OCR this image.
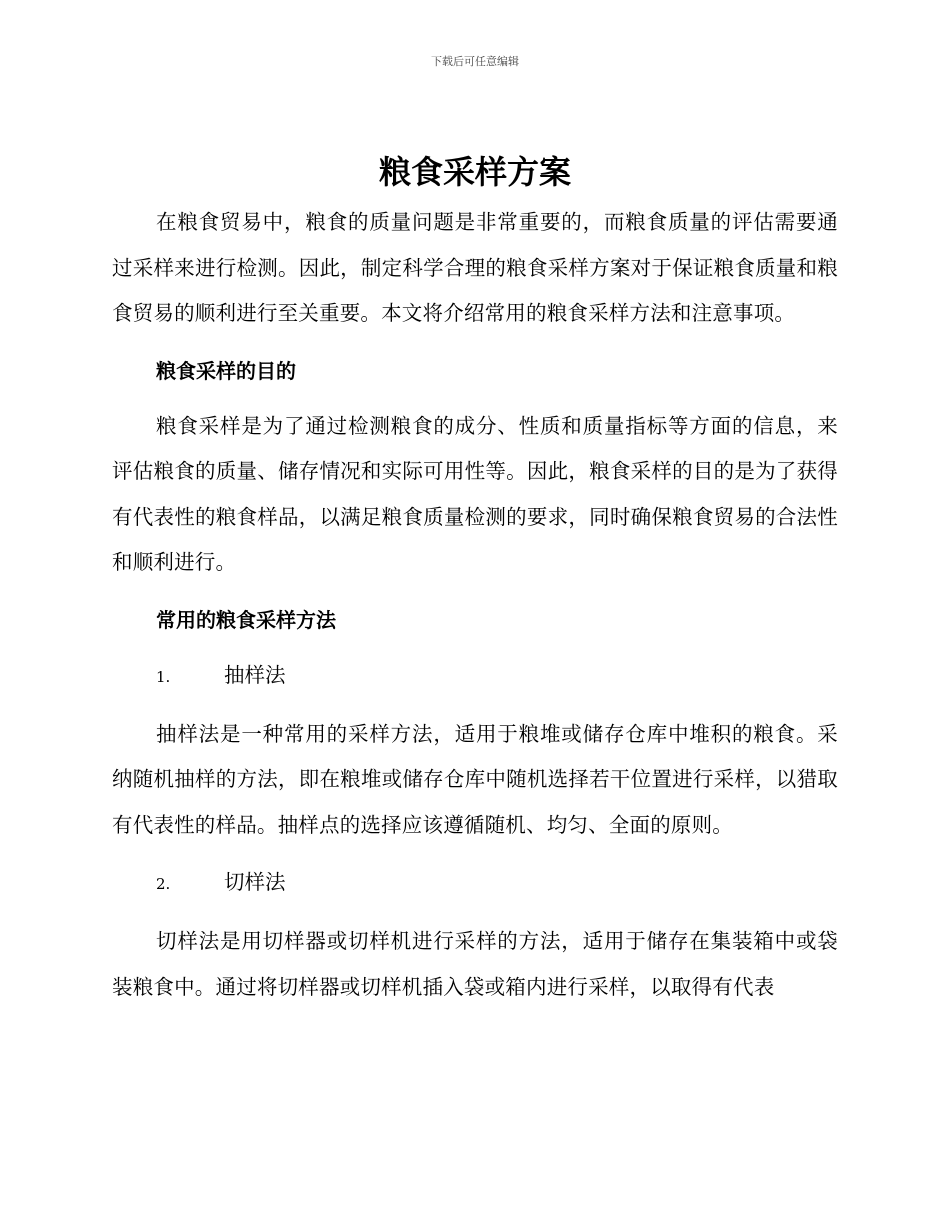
下载后可任意编辑
粮食采样方案

在粮食贸易中，粮食的质量问题是非常重要的，而粮食质量的评估需要通过采样来进行检测。因此，制定科学合理的粮食采样方案对于保证粮食质量和粮食贸易的顺利进行至关重要。本文将介绍常用的粮食采样方法和注意事项。

粮食采样的目的

粮食采样是为了通过检测粮食的成分、性质和质量指标等方面的信息，来评估粮食的质量、储存情况和实际可用性等。因此，粮食采样的目的是为了获得有代表性的粮食样品，以满足粮食质量检测的要求，同时确保粮食贸易的合法性和顺利进行。

常用的粮食采样方法
1.	抽样法

抽样法是一种常用的采样方法，适用于粮堆或储存仓库中堆积的粮食。采纳随机抽样的方法，即在粮堆或储存仓库中随机选择若干位置进行采样，以猎取有代表性的样品。抽样点的选择应该遵循随机、均匀、全面的原则。

2.	切样法

切样法是用切样器或切样机进行采样的方法，适用于储存在集装箱中或袋装粮食中。通过将切样器或切样机插入袋或箱内进行采样，以取得有代表
